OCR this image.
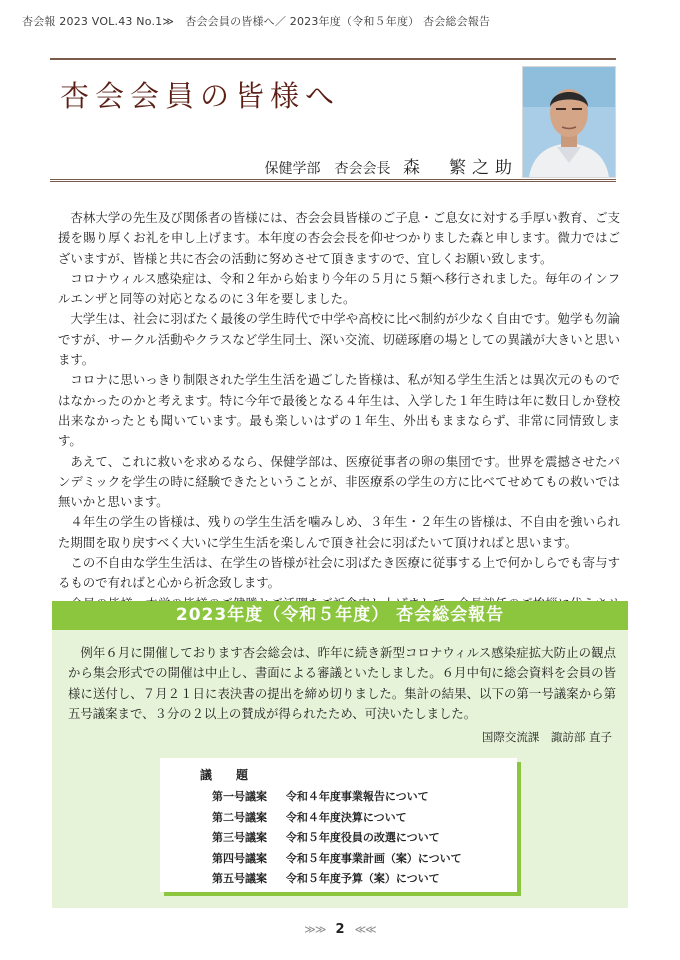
杏会報 2023 VOL.43 No.1≫　杏会会員の皆様へ／ 2023年度（令和５年度） 杏会総会報告
杏会会員の皆様へ
保健学部　杏会会長 森　繁之助

杏林大学の先生及び関係者の皆様には、杏会会員皆様のご子息・ご息女に対する手厚い教育、ご支援を賜り厚くお礼を申し上げます。本年度の杏会会長を仰せつかりました森と申します。微力ではございますが、皆様と共に杏会の活動に努めさせて頂きますので、宜しくお願い致します。

コロナウィルス感染症は、令和２年から始まり今年の５月に５類へ移行されました。毎年のインフルエンザと同等の対応となるのに３年を要しました。

大学生は、社会に羽ばたく最後の学生時代で中学や高校に比べ制約が少なく自由です。勉学も勿論ですが、サークル活動やクラスなど学生同士、深い交流、切磋琢磨の場としての異議が大きいと思います。

コロナに思いっきり制限された学生生活を過ごした皆様は、私が知る学生生活とは異次元のものではなかったのかと考えます。特に今年で最後となる４年生は、入学した１年生時は年に数日しか登校出来なかったとも聞いています。最も楽しいはずの１年生、外出もままならず、非常に同情致します。

あえて、これに救いを求めるなら、保健学部は、医療従事者の卵の集団です。世界を震撼させたパンデミックを学生の時に経験できたということが、非医療系の学生の方に比べてせめてもの救いでは無いかと思います。

４年生の学生の皆様は、残りの学生生活を噛みしめ、３年生・２年生の皆様は、不自由を強いられた期間を取り戻すべく大いに学生生活を楽しんで頂き社会に羽ばたいて頂ければと思います。

この不自由な学生生活は、在学生の皆様が社会に羽ばたき医療に従事する上で何かしらでも寄与するもので有ればと心から祈念致します。

2023年度（令和５年度） 杏会総会報告
例年６月に開催しております杏会総会は、昨年に続き新型コロナウィルス感染症拡大防止の観点から集会形式での開催は中止し、書面による審議といたしました。６月中旬に総会資料を会員の皆様に送付し、７月２１日に表決書の提出を締め切りました。集計の結果、以下の第一号議案から第五号議案まで、３分の２以上の賛成が得られたため、可決いたしました。
国際交流課　諏訪部 直子
議　題
第一号議案 令和４年度事業報告について
第二号議案 令和４年度決算について
第三号議案 令和５年度役員の改選について
第四号議案 令和５年度事業計画（案）について
第五号議案 令和５年度予算（案）について
≫≫ 2 ≪≪
